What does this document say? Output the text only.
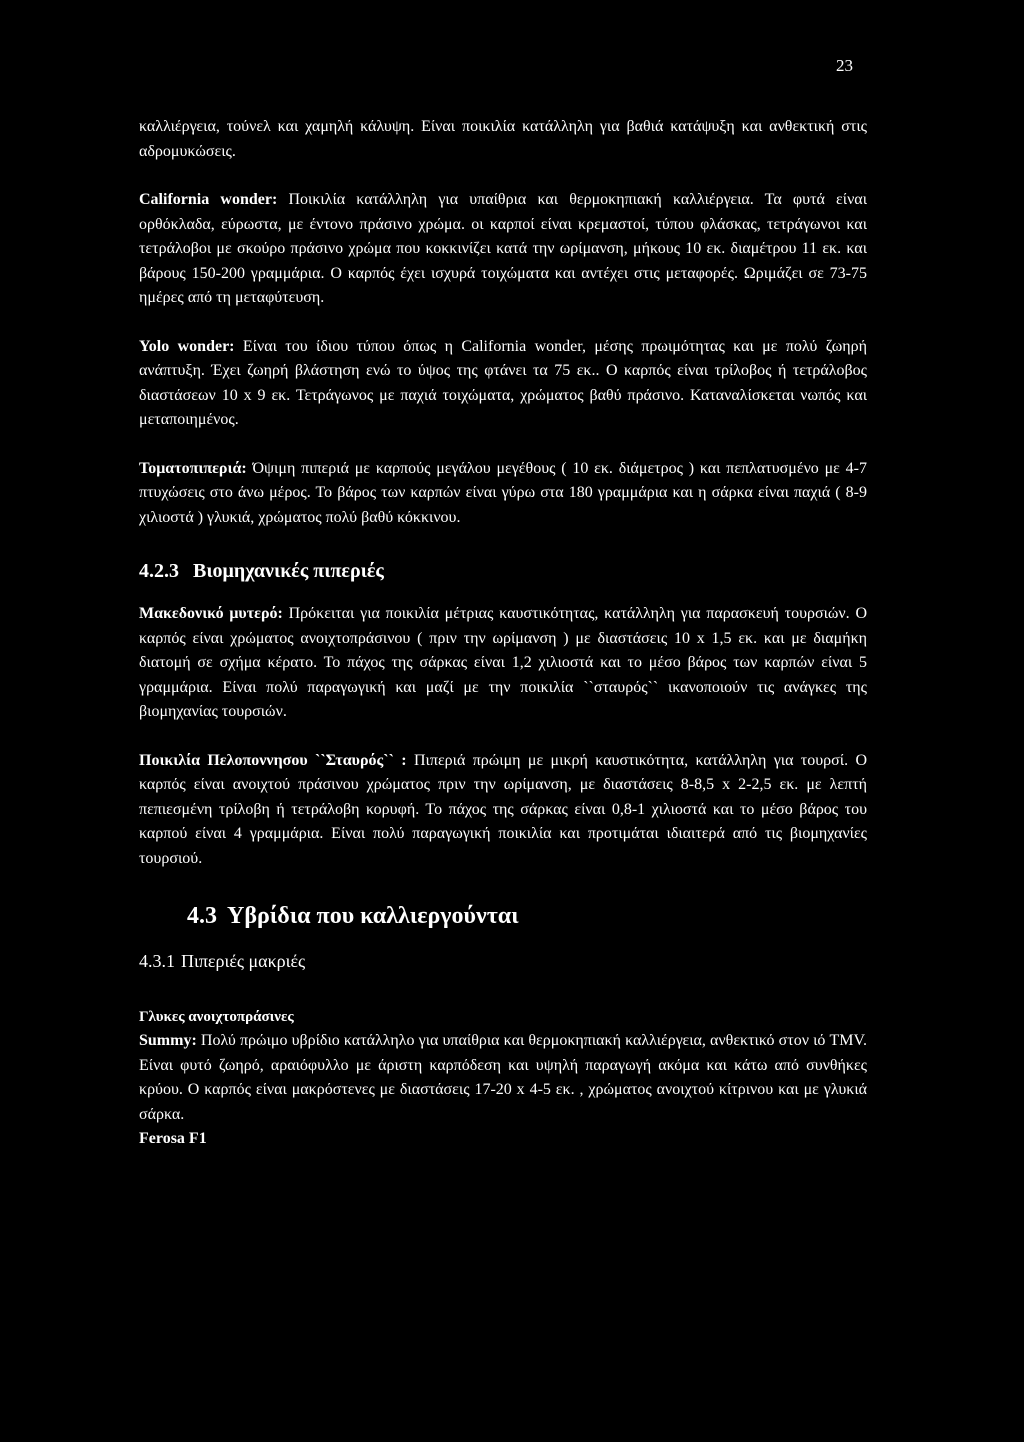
23

καλλιέργεια, τούνελ και χαμηλή κάλυψη. Είναι ποικιλία κατάλληλη για βαθιά κατάψυξη και ανθεκτική στις αδρομυκώσεις.

California wonder: Ποικιλία κατάλληλη για υπαίθρια και θερμοκηπιακή καλλιέργεια. Τα φυτά είναι ορθόκλαδα, εύρωστα, με έντονο πράσινο χρώμα. οι καρποί είναι κρεμαστοί, τύπου φλάσκας, τετράγωνοι και τετράλοβοι με σκούρο πράσινο χρώμα που κοκκινίζει κατά την ωρίμανση, μήκους 10 εκ. διαμέτρου 11 εκ. και βάρους 150-200 γραμμάρια. Ο καρπός έχει ισχυρά τοιχώματα και αντέχει στις μεταφορές. Ωριμάζει σε 73-75 ημέρες από τη μεταφύτευση.

Yolo wonder: Είναι του ίδιου τύπου όπως η California wonder, μέσης πρωιμότητας και με πολύ ζωηρή ανάπτυξη. Έχει ζωηρή βλάστηση ενώ το ύψος της φτάνει τα 75 εκ.. Ο καρπός είναι τρίλοβος ή τετράλοβος διαστάσεων 10 x 9 εκ. Τετράγωνος με παχιά τοιχώματα, χρώματος βαθύ πράσινο. Καταναλίσκεται νωπός και μεταποιημένος.

Τοματοπιπεριά: Όψιμη πιπεριά με καρπούς μεγάλου μεγέθους ( 10 εκ. διάμετρος ) και πεπλατυσμένο με 4-7 πτυχώσεις στο άνω μέρος. Το βάρος των καρπών είναι γύρω στα 180 γραμμάρια και η σάρκα είναι παχιά ( 8-9 χιλιοστά ) γλυκιά, χρώματος πολύ βαθύ κόκκινου.

4.2.3 Βιομηχανικές πιπεριές

Μακεδονικό μυτερό: Πρόκειται για ποικιλία μέτριας καυστικότητας, κατάλληλη για παρασκευή τουρσιών. Ο καρπός είναι χρώματος ανοιχτοπράσινου ( πριν την ωρίμανση ) με διαστάσεις 10 x 1,5 εκ. και με διαμήκη διατομή σε σχήμα κέρατο. Το πάχος της σάρκας είναι 1,2 χιλιοστά και το μέσο βάρος των καρπών είναι 5 γραμμάρια. Είναι πολύ παραγωγική και μαζί με την ποικιλία ``σταυρός`` ικανοποιούν τις ανάγκες της βιομηχανίας τουρσιών.

Ποικιλία Πελοποννησου ``Σταυρός`` : Πιπεριά πρώιμη με μικρή καυστικότητα, κατάλληλη για τουρσί. Ο καρπός είναι ανοιχτού πράσινου χρώματος πριν την ωρίμανση, με διαστάσεις 8-8,5 x 2-2,5 εκ. με λεπτή πεπιεσμένη τρίλοβη ή τετράλοβη κορυφή. Το πάχος της σάρκας είναι 0,8-1 χιλιοστά και το μέσο βάρος του καρπού είναι 4 γραμμάρια. Είναι πολύ παραγωγική ποικιλία και προτιμάται ιδιαιτερά από τις βιομηχανίες τουρσιού.

4.3 Υβρίδια που καλλιεργούνται
4.3.1 Πιπεριές μακριές
Γλυκες ανοιχτοπράσινες

Summy: Πολύ πρώιμο υβρίδιο κατάλληλο για υπαίθρια και θερμοκηπιακή καλλιέργεια, ανθεκτικό στον ιό TMV. Είναι φυτό ζωηρό, αραιόφυλλο με άριστη καρπόδεση και υψηλή παραγωγή ακόμα και κάτω από συνθήκες κρύου. Ο καρπός είναι μακρόστενες με διαστάσεις 17-20 x 4-5 εκ. , χρώματος ανοιχτού κίτρινου και με γλυκιά σάρκα.

Ferosa F1
